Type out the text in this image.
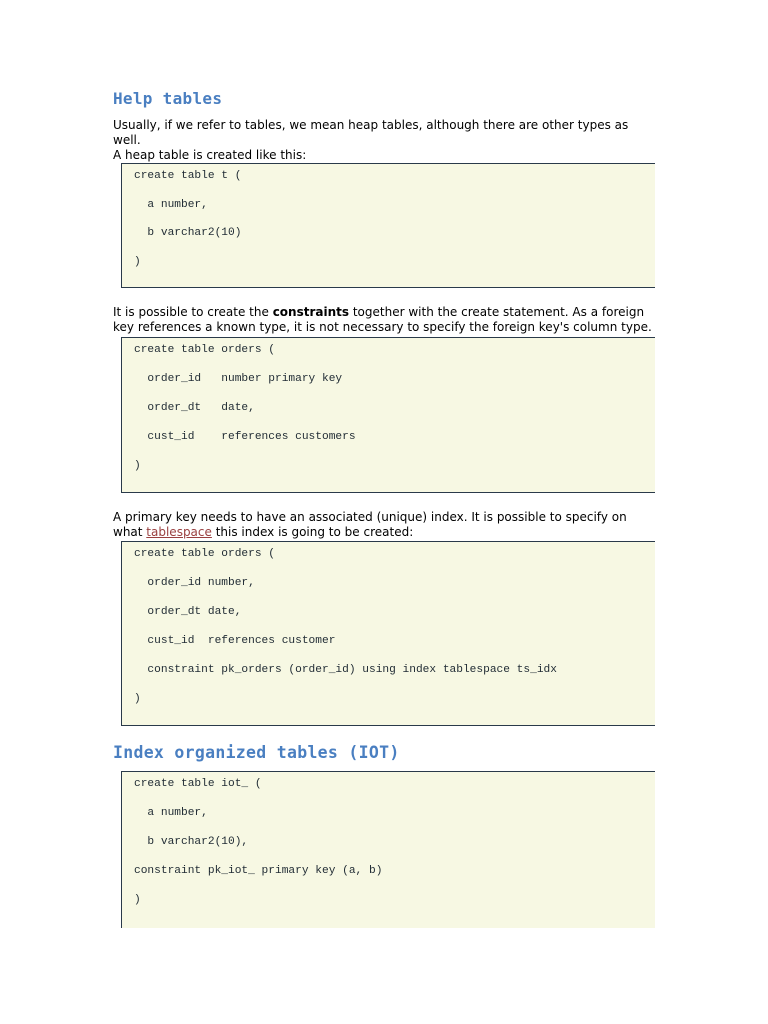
Help tables

Usually, if we refer to tables, we mean heap tables, although there are other types as well.
A heap table is created like this:

create table t (
a number,
b varchar2(10)
)

It is possible to create the constraints together with the create statement. As a foreign key references a known type, it is not necessary to specify the foreign key's column type.

create table orders (
order_id   number primary key
order_dt   date,
cust_id    references customers
)

A primary key needs to have an associated (unique) index. It is possible to specify on what tablespace this index is going to be created:

create table orders (
order_id number,
order_dt date,
cust_id  references customer
constraint pk_orders (order_id) using index tablespace ts_idx
)
Index organized tables (IOT)
create table iot_ (
a number,
b varchar2(10),
constraint pk_iot_ primary key (a, b)
)
